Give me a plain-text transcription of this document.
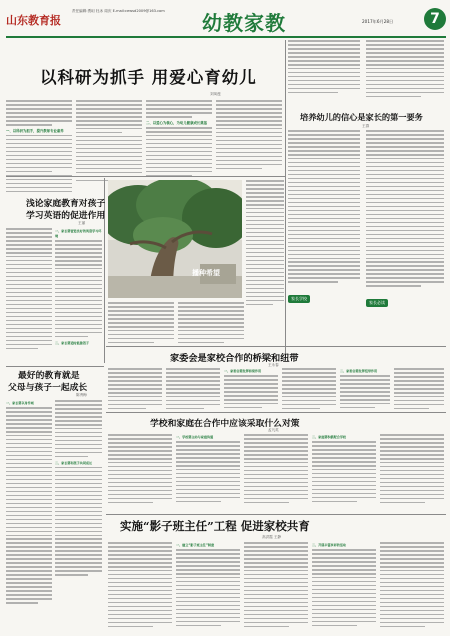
山东教育报
责任编辑:贾坦 杜冰 周庆 E-mail:cewsd2009@163.com	幼教家教	2017年6月28日	7
以科研为抓手 用爱心育幼儿
刘凤莲
一、以科研为抓手，提升教师专业素养
二、以爱心为核心，为幼儿健康成长奠基
培养幼儿的信心是家长的第一要务
王群
家长学校
家长必读
浅论家庭教育对孩子
学习英语的促进作用
王丽
一、家长要营造良好的英语学习环境
二、家长要适时鼓励孩子
播种希望
家委会是家校合作的桥梁和纽带
王永春
一、家委会要发挥桥梁作用	二、家委会要发挥纽带作用
最好的教育就是
父母与孩子一起成长
陈秀梅
一、家长要以身作则
二、家长要和孩子共同成长
学校和家庭在合作中应该采取什么对策
孟凡英
一、学校要主动与家庭沟通	二、家庭要积极配合学校
实施“影子班主任”工程 促进家校共育
高洪霞 王静
一、建立“影子班主任”制度	二、开展丰富多彩的活动
